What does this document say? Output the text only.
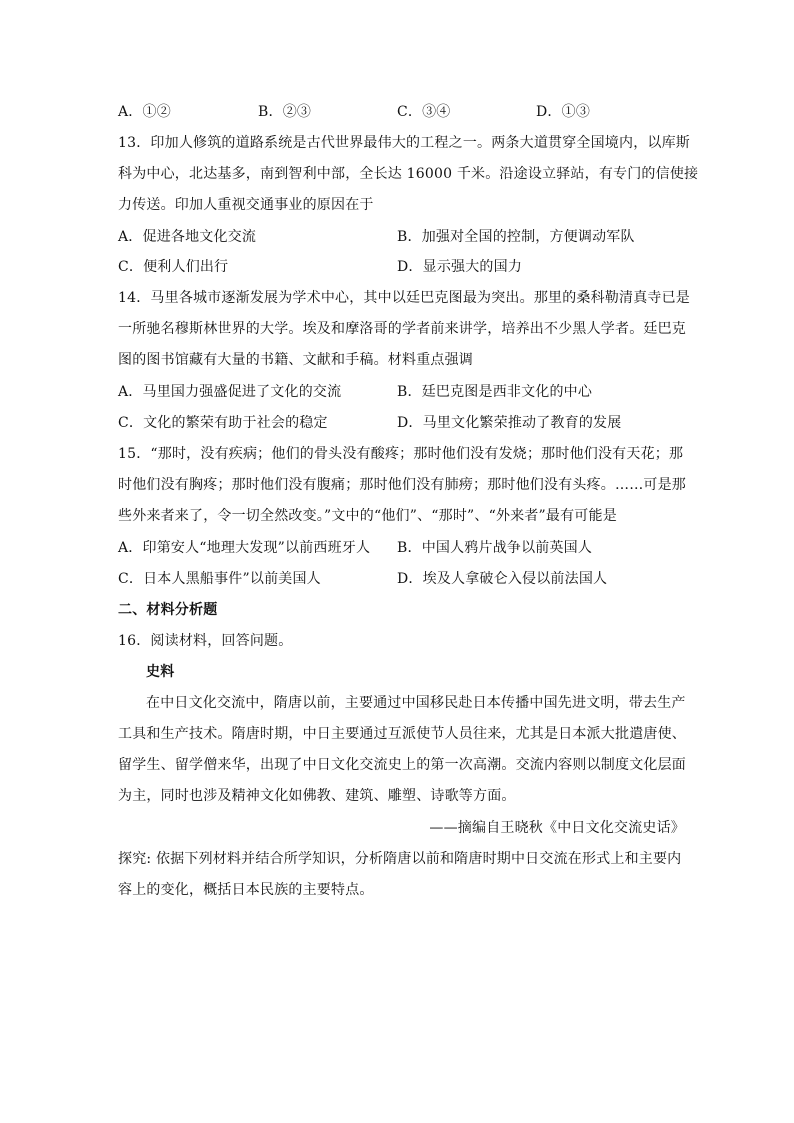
A．①②	B．②③	C．③④	D．①③
13．印加人修筑的道路系统是古代世界最伟大的工程之一。两条大道贯穿全国境内，以库斯
科为中心，北达基多，南到智利中部，全长达 16000 千米。沿途设立驿站，有专门的信使接
力传送。印加人重视交通事业的原因在于
A．促进各地文化交流	B．加强对全国的控制，方便调动军队
C．便利人们出行	D．显示强大的国力
14．马里各城市逐渐发展为学术中心，其中以廷巴克图最为突出。那里的桑科勒清真寺已是
一所驰名穆斯林世界的大学。埃及和摩洛哥的学者前来讲学，培养出不少黑人学者。廷巴克
图的图书馆藏有大量的书籍、文献和手稿。材料重点强调
A．马里国力强盛促进了文化的交流	B．廷巴克图是西非文化的中心
C．文化的繁荣有助于社会的稳定	D．马里文化繁荣推动了教育的发展
15．“那时，没有疾病；他们的骨头没有酸疼；那时他们没有发烧；那时他们没有天花；那
时他们没有胸疼；那时他们没有腹痛；那时他们没有肺痨；那时他们没有头疼。……可是那
些外来者来了，令一切全然改变。”文中的“他们”、“那时”、“外来者”最有可能是
A．印第安人“地理大发现”以前西班牙人 B．中国人鸦片战争以前英国人
C．日本人黑船事件”以前美国人	D．埃及人拿破仑入侵以前法国人
二、材料分析题
16．阅读材料，回答问题。
史料
在中日文化交流中，隋唐以前，主要通过中国移民赴日本传播中国先进文明，带去生产
工具和生产技术。隋唐时期，中日主要通过互派使节人员往来，尤其是日本派大批遣唐使、
留学生、留学僧来华，出现了中日文化交流史上的第一次高潮。交流内容则以制度文化层面
为主，同时也涉及精神文化如佛教、建筑、雕塑、诗歌等方面。
——摘编自王晓秋《中日文化交流史话》
探究: 依据下列材料并结合所学知识，分析隋唐以前和隋唐时期中日交流在形式上和主要内
容上的变化，概括日本民族的主要特点。
